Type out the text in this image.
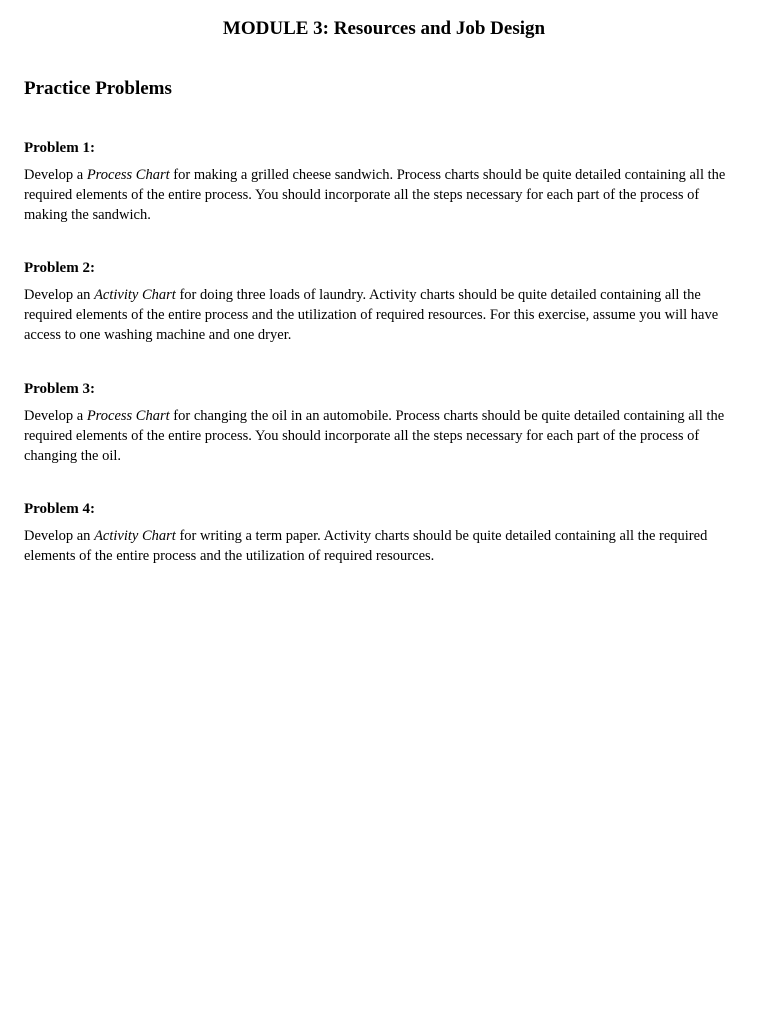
MODULE 3: Resources and Job Design
Practice Problems

Problem 1:

Develop a Process Chart for making a grilled cheese sandwich. Process charts should be quite detailed containing all the required elements of the entire process. You should incorporate all the steps necessary for each part of the process of making the sandwich.

Problem 2:

Develop an Activity Chart for doing three loads of laundry. Activity charts should be quite detailed containing all the required elements of the entire process and the utilization of required resources. For this exercise, assume you will have access to one washing machine and one dryer.

Problem 3:

Develop a Process Chart for changing the oil in an automobile. Process charts should be quite detailed containing all the required elements of the entire process. You should incorporate all the steps necessary for each part of the process of changing the oil.

Problem 4:

Develop an Activity Chart for writing a term paper. Activity charts should be quite detailed containing all the required elements of the entire process and the utilization of required resources.
